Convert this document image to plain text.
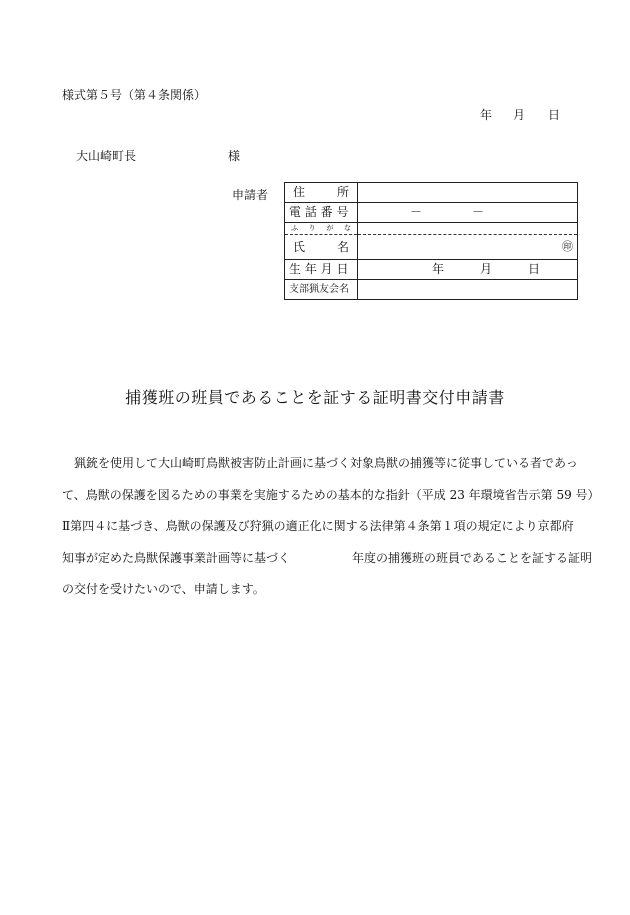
様式第５号（第４条関係）
年 月 日
大山崎町長	様
申請者 住 所	

電 話 番 号	－ －

ふ り が な	

氏 名	㊞

生 年 月 日	年 月 日

支部猟友会名	
捕獲班の班員であることを証する証明書交付申請書
　猟銃を使用して大山崎町鳥獣被害防止計画に基づく対象鳥獣の捕獲等に従事している者であっ
て、鳥獣の保護を図るための事業を実施するための基本的な指針（平成 23 年環境省告示第 59 号）
Ⅱ第四４に基づき、鳥獣の保護及び狩猟の適正化に関する法律第４条第１項の規定により京都府
知事が定めた鳥獣保護事業計画等に基づく	年度の捕獲班の班員であることを証する証明
の交付を受けたいので、申請します。
